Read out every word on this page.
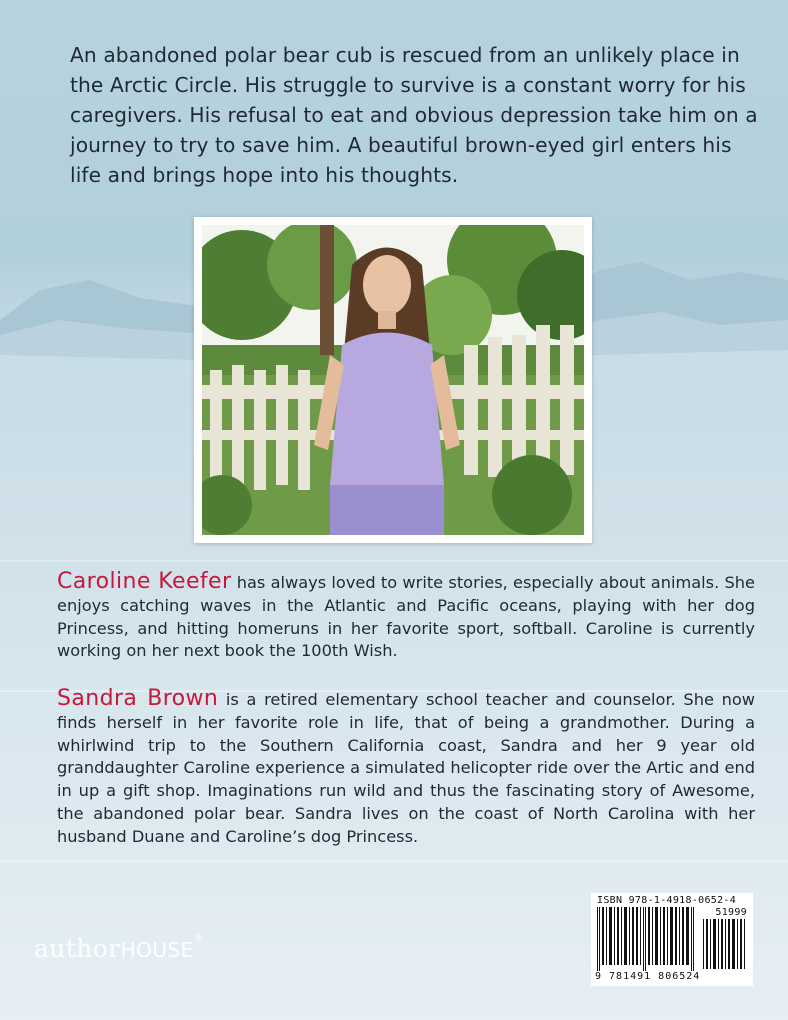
An abandoned polar bear cub is rescued from an unlikely place in the Arctic Circle. His struggle to survive is a constant worry for his caregivers. His refusal to eat and obvious depression take him on a journey to try to save him. A beautiful brown-eyed girl enters his life and brings hope into his thoughts.

Caroline Keefer has always loved to write stories, especially about animals. She enjoys catching waves in the Atlantic and Pacific oceans, playing with her dog Princess, and hitting homeruns in her favorite sport, softball. Caroline is currently working on her next book the 100th Wish.

Sandra Brown is a retired elementary school teacher and counselor. She now finds herself in her favorite role in life, that of being a grandmother. During a whirlwind trip to the Southern California coast, Sandra and her 9 year old granddaughter Caroline experience a simulated helicopter ride over the Artic and end in up a gift shop. Imaginations run wild and thus the fascinating story of Awesome, the abandoned polar bear. Sandra lives on the coast of North Carolina with her husband Duane and Caroline’s dog Princess.

authorHOUSE®
ISBN 978-1-4918-0652-4
51999
9 781491 806524
